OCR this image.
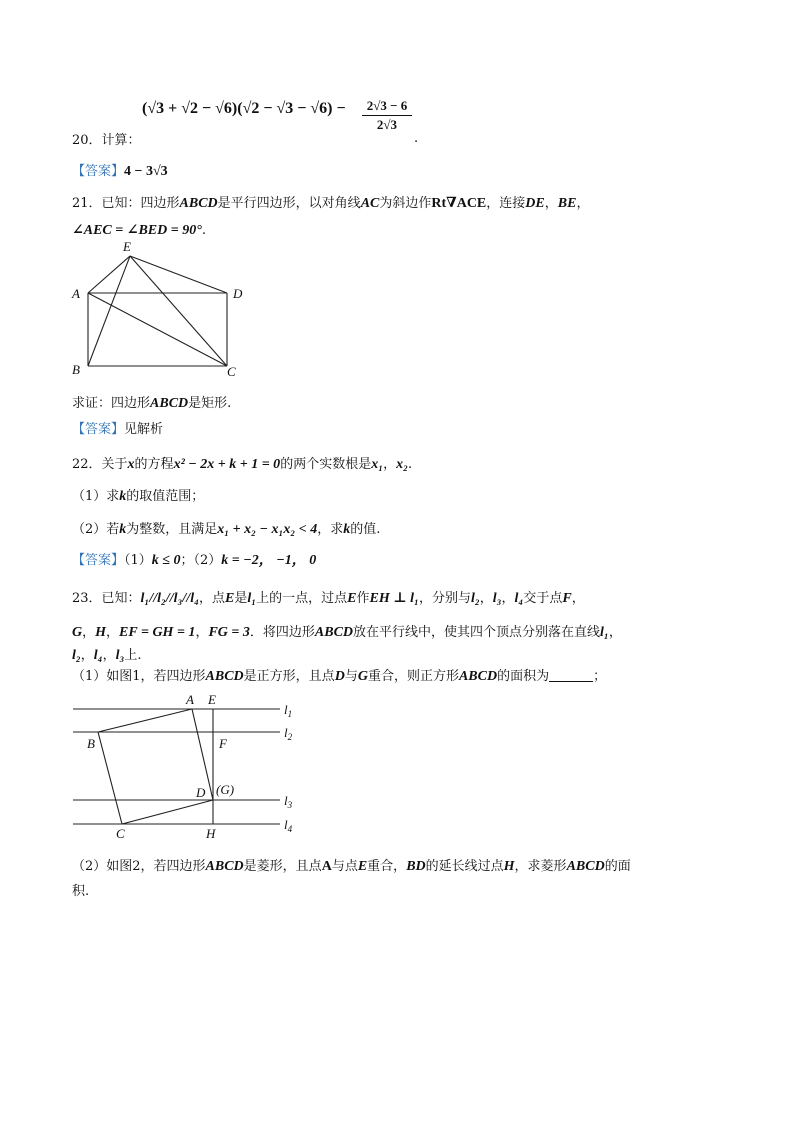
$(√3 + √2 - √6)(√2 - √3 - √6) - \frac{2√3 - 6}{2√3}$
.
20．计算：
【答案】4 − 3√3
21．已知：四边形ABCD是平行四边形，以对角线AC为斜边作Rt∇ACE，连接DE，BE，
∠AEC = ∠BED = 90°.
E
A	D
B	C
求证：四边形ABCD是矩形.
【答案】见解析
22．关于x的方程x² − 2x + k + 1 = 0的两个实数根是x₁，x₂.
（1）求k的取值范围；
（2）若k为整数，且满足x₁ + x₂ − x₁x₂ < 4，求k的值.
【答案】（1）k ≤ 0；（2）k = −2， −1， 0
23．已知：l₁//l₂//l₃//l₄，点E是l₁上的一点，过点E作EH ⊥ l₁，分别与l₂，l₃，l₄交于点F，
G，H，EF = GH = 1，FG = 3．将四边形ABCD放在平行线中，使其四个顶点分别落在直线l₁，
l₂，l₄，l₃上.
（1）如图1，若四边形ABCD是正方形，且点D与G重合，则正方形ABCD的面积为	；
A E
B	F
D (G)
C	H
$l_1$
$l_2$
$l_3$
$l_4$
（2）如图2，若四边形ABCD是菱形，且点A与点E重合，BD的延长线过点H，求菱形ABCD的面
积.
